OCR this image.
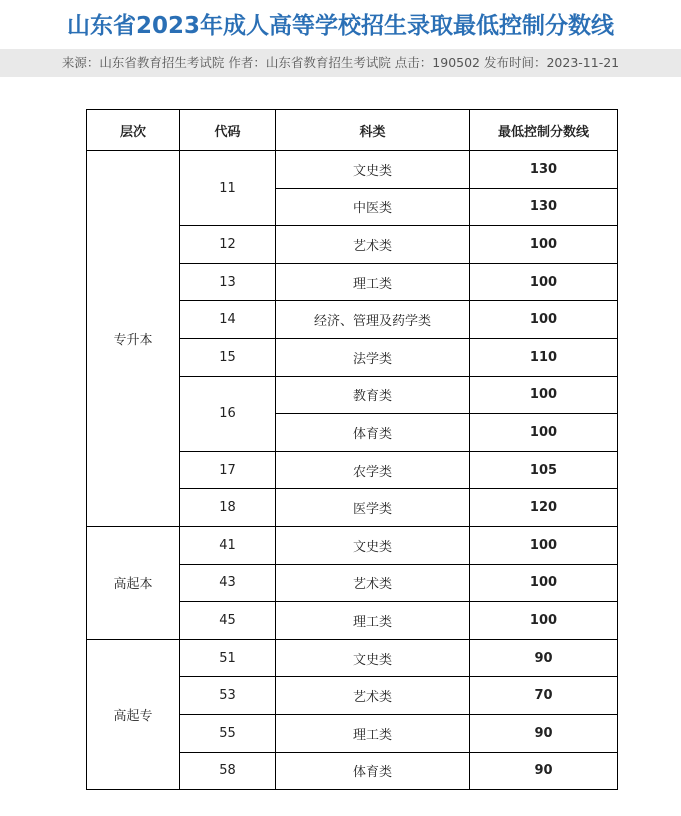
山东省2023年成人高等学校招生录取最低控制分数线
来源：山东省教育招生考试院 作者：山东省教育招生考试院 点击：190502 发布时间：2023-11-21
层次	代码	科类	最低控制分数线
专升本	11	文史类	130
		中医类	130
	12	艺术类	100
	13	理工类	100
	14	经济、管理及药学类	100
	15	法学类	110
	16	教育类	100
		体育类	100
	17	农学类	105
	18	医学类	120
高起本	41	文史类	100
	43	艺术类	100
	45	理工类	100
高起专	51	文史类	90
	53	艺术类	70
	55	理工类	90
	58	体育类	90
